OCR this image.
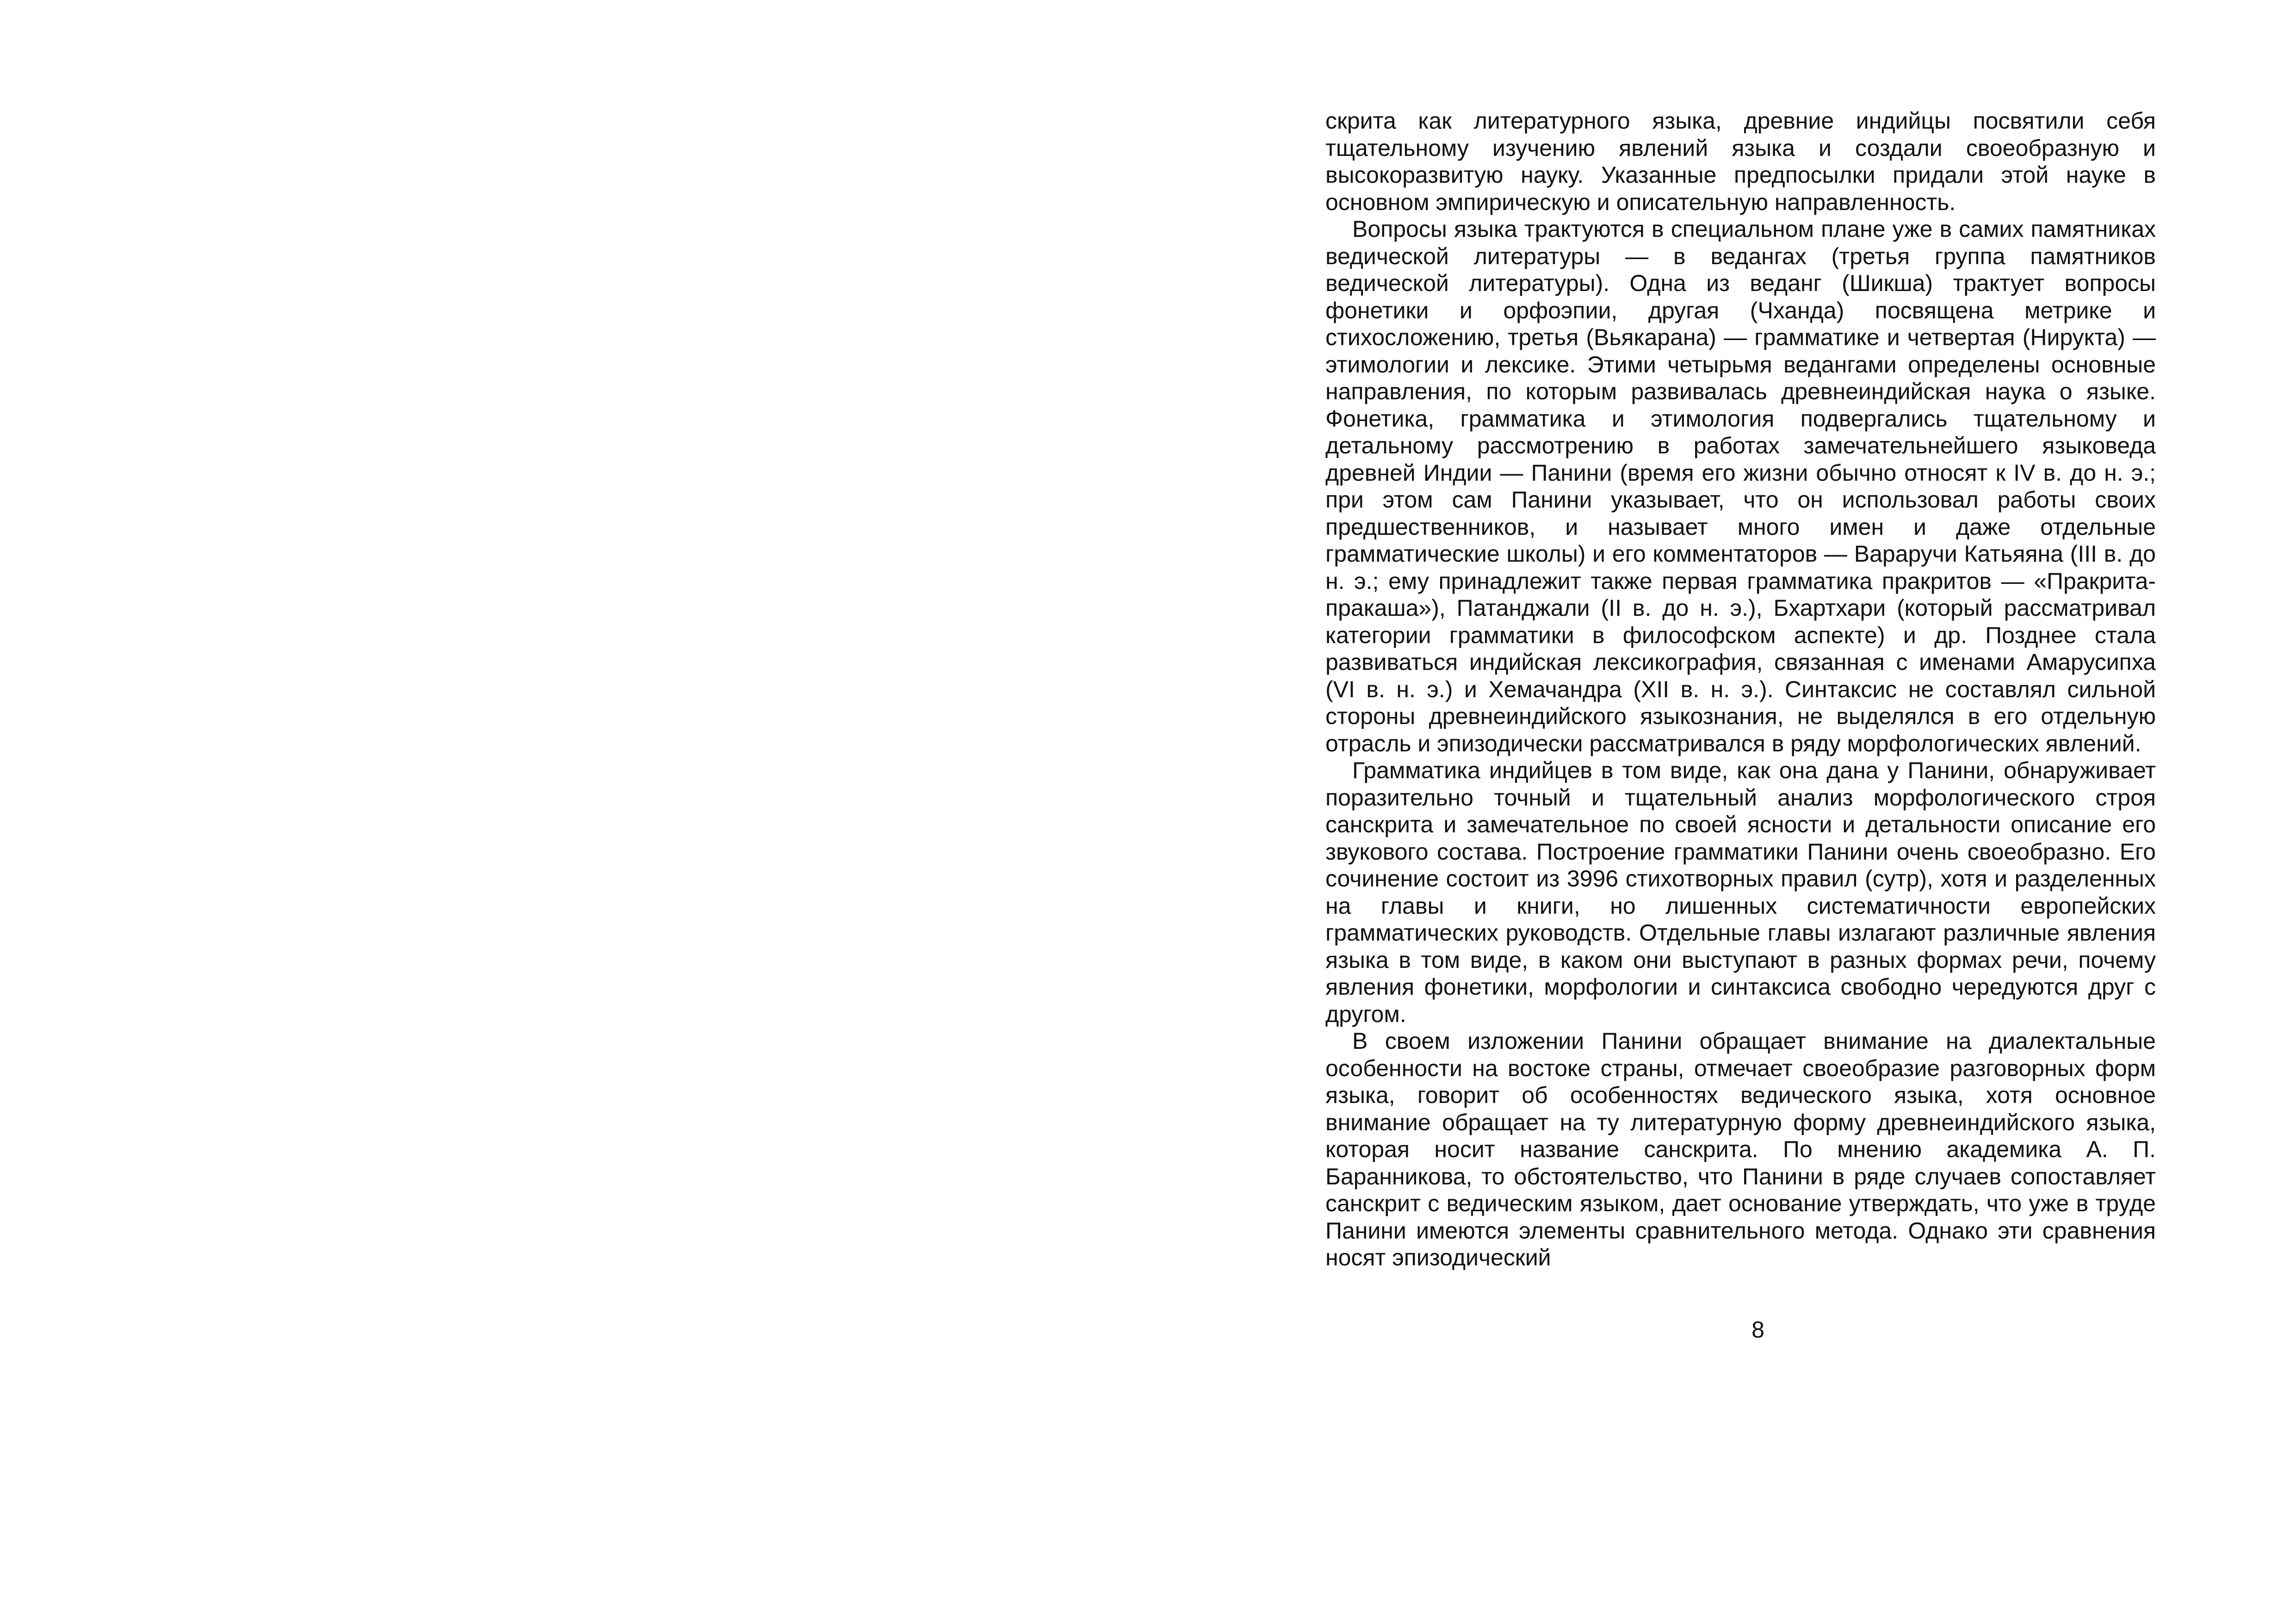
скрита как литературного языка, древние индийцы посвятили себя тщательному изучению явлений языка и создали своеобразную и высокоразвитую науку. Указанные предпосылки придали этой науке в основном эмпирическую и описательную направленность.

Вопросы языка трактуются в специальном плане уже в самих памятниках ведической литературы — в ведангах (третья группа памятников ведической литературы). Одна из веданг (Шикша) трактует вопросы фонетики и орфоэпии, другая (Чханда) посвящена метрике и стихосложению, третья (Вьякарана) — грамматике и четвертая (Нирукта) — этимологии и лексике. Этими четырьмя ведангами определены основные направления, по которым развивалась древнеиндийская наука о языке. Фонетика, грамматика и этимология подвергались тщательному и детальному рассмотрению в работах замечательнейшего языковеда древней Индии — Панини (время его жизни обычно относят к IV в. до н. э.; при этом сам Панини указывает, что он использовал работы своих предшественников, и называет много имен и даже отдельные грамматические школы) и его комментаторов — Вараручи Катьяяна (III в. до н. э.; ему принадлежит также первая грамматика пракритов — «Пракрита-пракаша»), Патанджали (II в. до н. э.), Бхартхари (который рассматривал категории грамматики в философском аспекте) и др. Позднее стала развиваться индийская лексикография, связанная с именами Амарусипха (VI в. н. э.) и Хемачандра (XII в. н. э.). Синтаксис не составлял сильной стороны древнеиндийского языкознания, не выделялся в его отдельную отрасль и эпизодически рассматривался в ряду морфологических явлений.

Грамматика индийцев в том виде, как она дана у Панини, обнаруживает поразительно точный и тщательный анализ морфологического строя санскрита и замечательное по своей ясности и детальности описание его звукового состава. Построение грамматики Панини очень своеобразно. Его сочинение состоит из 3996 стихотворных правил (сутр), хотя и разделенных на главы и книги, но лишенных систематичности европейских грамматических руководств. Отдельные главы излагают различные явления языка в том виде, в каком они выступают в разных формах речи, почему явления фонетики, морфологии и синтаксиса свободно чередуются друг с другом.

В своем изложении Панини обращает внимание на диалектальные особенности на востоке страны, отмечает своеобразие разговорных форм языка, говорит об особенностях ведического языка, хотя основное внимание обращает на ту литературную форму древнеиндийского языка, которая носит название санскрита. По мнению академика А. П. Баранникова, то обстоятельство, что Панини в ряде случаев сопоставляет санскрит с ведическим языком, дает основание утверждать, что уже в труде Панини имеются элементы сравнительного метода. Однако эти сравнения носят эпизодический

8
